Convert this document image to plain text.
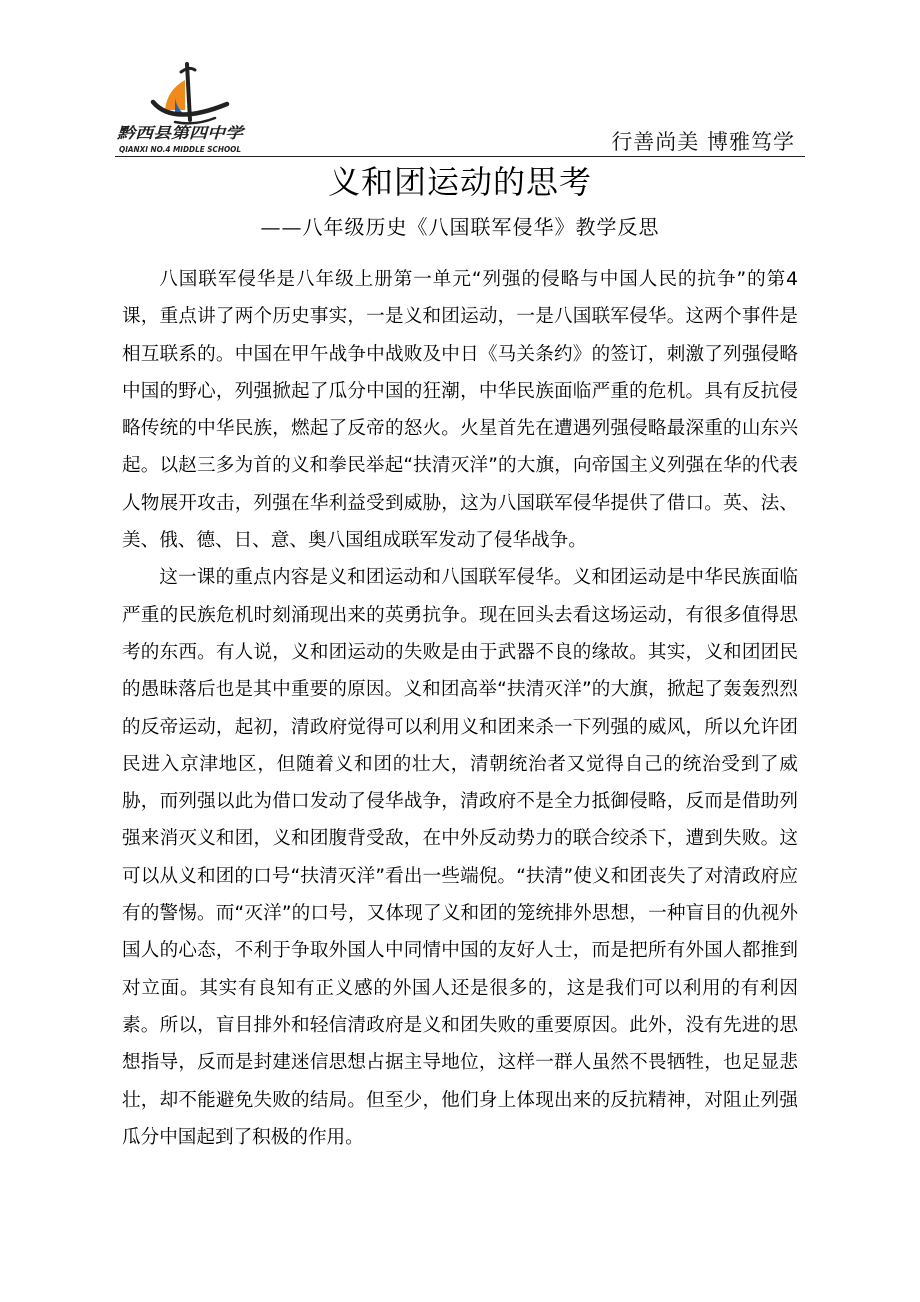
黔西县第四中学
QIANXI NO.4 MIDDLE SCHOOL	行善尚美 博雅笃学
义和团运动的思考
——八年级历史《八国联军侵华》教学反思

八国联军侵华是八年级上册第一单元“列强的侵略与中国人民的抗争”的第4课，重点讲了两个历史事实，一是义和团运动，一是八国联军侵华。这两个事件是相互联系的。中国在甲午战争中战败及中日《马关条约》的签订，刺激了列强侵略中国的野心，列强掀起了瓜分中国的狂潮，中华民族面临严重的危机。具有反抗侵略传统的中华民族，燃起了反帝的怒火。火星首先在遭遇列强侵略最深重的山东兴起。以赵三多为首的义和拳民举起“扶清灭洋”的大旗，向帝国主义列强在华的代表人物展开攻击，列强在华利益受到威胁，这为八国联军侵华提供了借口。英、法、美、俄、德、日、意、奥八国组成联军发动了侵华战争。

这一课的重点内容是义和团运动和八国联军侵华。义和团运动是中华民族面临严重的民族危机时刻涌现出来的英勇抗争。现在回头去看这场运动，有很多值得思考的东西。有人说，义和团运动的失败是由于武器不良的缘故。其实，义和团团民的愚昧落后也是其中重要的原因。义和团高举“扶清灭洋”的大旗，掀起了轰轰烈烈的反帝运动，起初，清政府觉得可以利用义和团来杀一下列强的威风，所以允许团民进入京津地区，但随着义和团的壮大，清朝统治者又觉得自己的统治受到了威胁，而列强以此为借口发动了侵华战争，清政府不是全力抵御侵略，反而是借助列强来消灭义和团，义和团腹背受敌，在中外反动势力的联合绞杀下，遭到失败。这可以从义和团的口号“扶清灭洋”看出一些端倪。“扶清”使义和团丧失了对清政府应有的警惕。而“灭洋”的口号，又体现了义和团的笼统排外思想，一种盲目的仇视外国人的心态，不利于争取外国人中同情中国的友好人士，而是把所有外国人都推到对立面。其实有良知有正义感的外国人还是很多的，这是我们可以利用的有利因素。所以，盲目排外和轻信清政府是义和团失败的重要原因。此外，没有先进的思想指导，反而是封建迷信思想占据主导地位，这样一群人虽然不畏牺牲，也足显悲壮，却不能避免失败的结局。但至少，他们身上体现出来的反抗精神，对阻止列强瓜分中国起到了积极的作用。
